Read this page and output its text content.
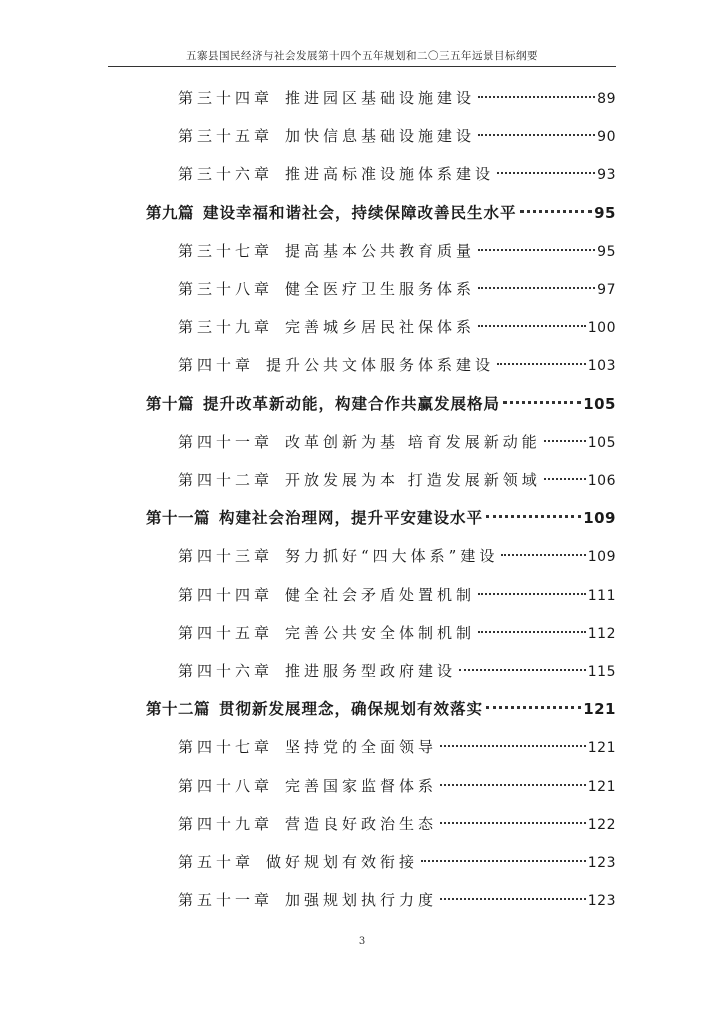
五寨县国民经济与社会发展第十四个五年规划和二〇三五年远景目标纲要
第三十四章 推进园区基础设施建设	89
第三十五章 加快信息基础设施建设	90
第三十六章 推进高标准设施体系建设	93
第九篇 建设幸福和谐社会，持续保障改善民生水平	95
第三十七章 提高基本公共教育质量	95
第三十八章 健全医疗卫生服务体系	97
第三十九章 完善城乡居民社保体系	100
第四十章 提升公共文体服务体系建设	103
第十篇 提升改革新动能，构建合作共赢发展格局	105
第四十一章 改革创新为基 培育发展新动能	105
第四十二章 开放发展为本 打造发展新领域	106
第十一篇 构建社会治理网，提升平安建设水平	109
第四十三章 努力抓好“四大体系”建设	109
第四十四章 健全社会矛盾处置机制	111
第四十五章 完善公共安全体制机制	112
第四十六章 推进服务型政府建设	115
第十二篇 贯彻新发展理念，确保规划有效落实	121
第四十七章 坚持党的全面领导	121
第四十八章 完善国家监督体系	121
第四十九章 营造良好政治生态	122
第五十章 做好规划有效衔接	123
第五十一章 加强规划执行力度	123
3
